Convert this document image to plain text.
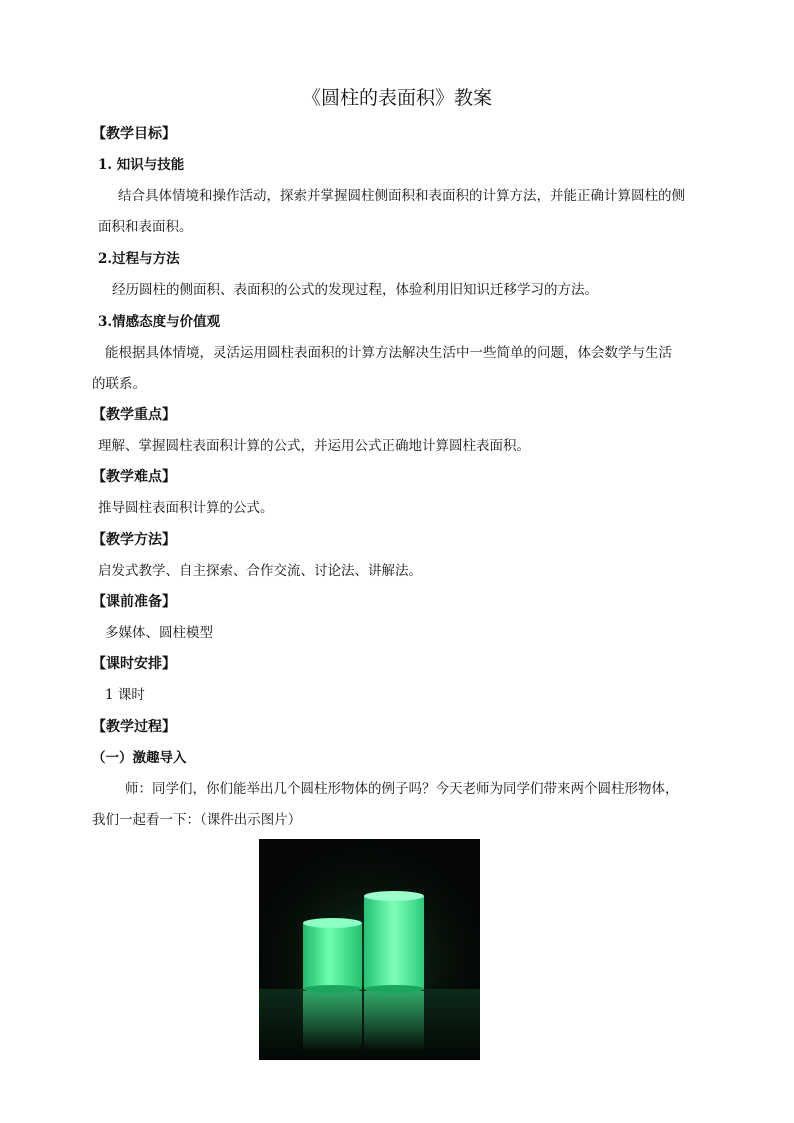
《圆柱的表面积》教案
【教学目标】
1. 知识与技能
结合具体情境和操作活动，探索并掌握圆柱侧面积和表面积的计算方法，并能正确计算圆柱的侧
面积和表面积。
2.过程与方法
经历圆柱的侧面积、表面积的公式的发现过程，体验利用旧知识迁移学习的方法。
3.情感态度与价值观
能根据具体情境，灵活运用圆柱表面积的计算方法解决生活中一些简单的问题，体会数学与生活
的联系。
【教学重点】
理解、掌握圆柱表面积计算的公式，并运用公式正确地计算圆柱表面积。
【教学难点】
推导圆柱表面积计算的公式。
【教学方法】
启发式教学、自主探索、合作交流、讨论法、讲解法。
【课前准备】
多媒体、圆柱模型
【课时安排】
1 课时
【教学过程】
（一）激趣导入
师：同学们，你们能举出几个圆柱形物体的例子吗？今天老师为同学们带来两个圆柱形物体，
我们一起看一下：（课件出示图片）
